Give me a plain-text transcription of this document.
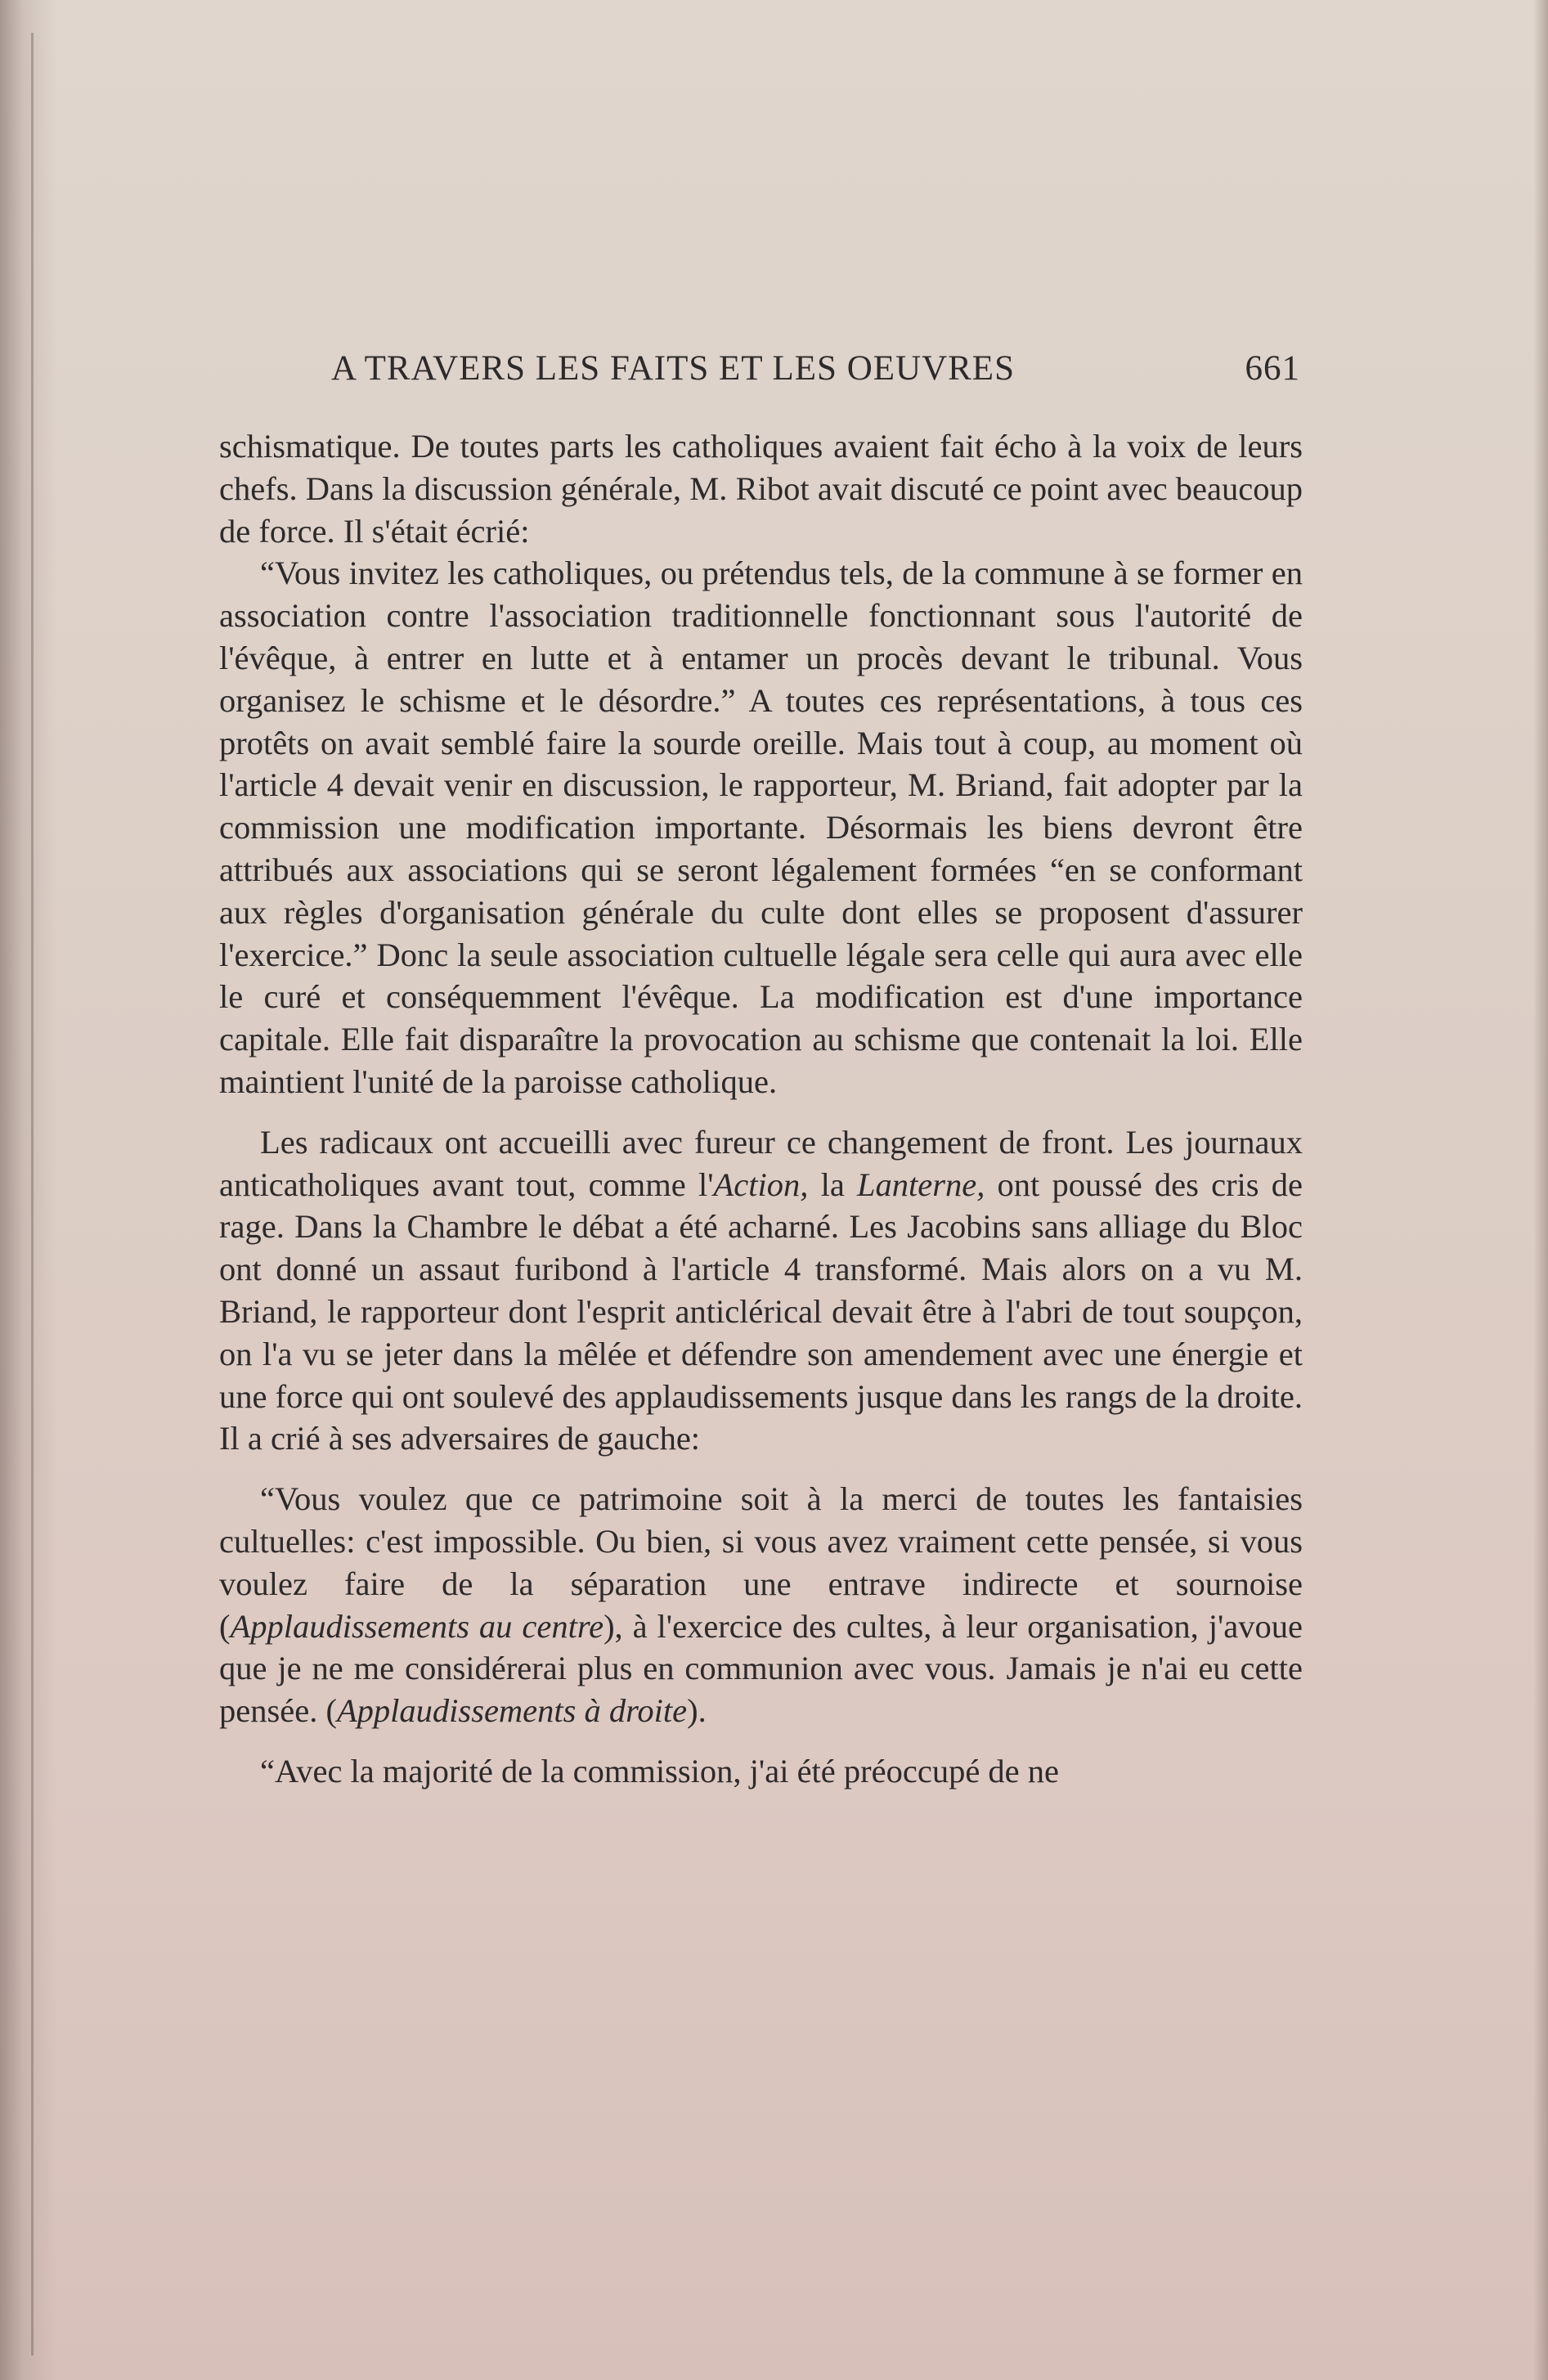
A TRAVERS LES FAITS ET LES OEUVRES	661

schismatique. De toutes parts les catholiques avaient fait écho à la voix de leurs chefs. Dans la discussion générale, M. Ribot avait discuté ce point avec beaucoup de force. Il s'était écrié:

“Vous invitez les catholiques, ou prétendus tels, de la commune à se former en association contre l'association traditionnelle fonctionnant sous l'autorité de l'évêque, à entrer en lutte et à entamer un procès devant le tribunal. Vous organisez le schisme et le désordre.” A toutes ces représentations, à tous ces protêts on avait semblé faire la sourde oreille. Mais tout à coup, au moment où l'article 4 devait venir en discussion, le rapporteur, M. Briand, fait adopter par la commission une modification importante. Désormais les biens devront être attribués aux associations qui se seront légalement formées “en se conformant aux règles d'organisation générale du culte dont elles se proposent d'assurer l'exercice.” Donc la seule association cultuelle légale sera celle qui aura avec elle le curé et conséquemment l'évêque. La modification est d'une importance capitale. Elle fait disparaître la provocation au schisme que contenait la loi. Elle maintient l'unité de la paroisse catholique.

Les radicaux ont accueilli avec fureur ce changement de front. Les journaux anticatholiques avant tout, comme l'Action, la Lanterne, ont poussé des cris de rage. Dans la Chambre le débat a été acharné. Les Jacobins sans alliage du Bloc ont donné un assaut furibond à l'article 4 transformé. Mais alors on a vu M. Briand, le rapporteur dont l'esprit anticlérical devait être à l'abri de tout soupçon, on l'a vu se jeter dans la mêlée et défendre son amendement avec une énergie et une force qui ont soulevé des applaudissements jusque dans les rangs de la droite. Il a crié à ses adversaires de gauche:

“Vous voulez que ce patrimoine soit à la merci de toutes les fantaisies cultuelles: c'est impossible. Ou bien, si vous avez vraiment cette pensée, si vous voulez faire de la séparation une entrave indirecte et sournoise (Applaudissements au centre), à l'exercice des cultes, à leur organisation, j'avoue que je ne me considérerai plus en communion avec vous. Jamais je n'ai eu cette pensée. (Applaudissements à droite).

“Avec la majorité de la commission, j'ai été préoccupé de ne
